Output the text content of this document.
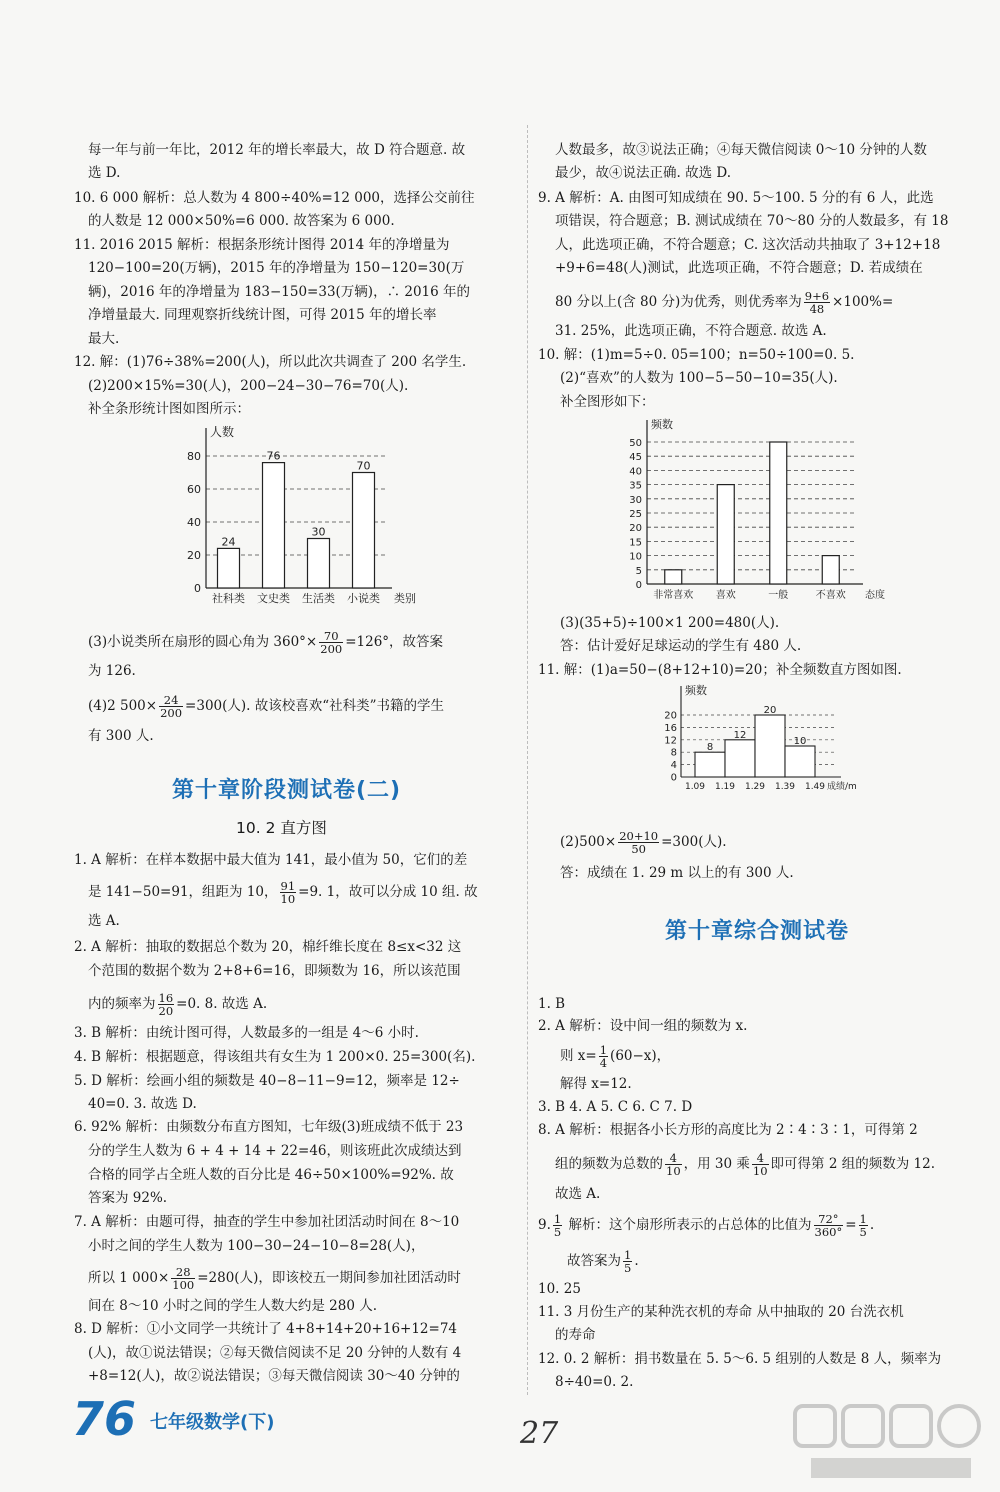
每一年与前一年比，2012 年的增长率最大，故 D 符合题意. 故
选 D.
10. 6 000 解析：总人数为 4 800÷40%=12 000，选择公交前往
的人数是 12 000×50%=6 000. 故答案为 6 000.
11. 2016 2015 解析：根据条形统计图得 2014 年的净增量为
120−100=20(万辆)，2015 年的净增量为 150−120=30(万
辆)，2016 年的净增量为 183−150=33(万辆)，∴ 2016 年的
净增量最大. 同理观察折线统计图，可得 2015 年的增长率
最大.
12. 解：(1)76÷38%=200(人)，所以此次共调查了 200 名学生.
(2)200×15%=30(人)，200−24−30−76=70(人).
补全条形统计图如图所示：
0
20
40
60
80
人数
24
社科类
76
文史类
30
生活类
70
小说类 类别
(3)小说类所在扇形的圆心角为 $360^\circ\times \frac{70}{200} =126^\circ$，故答案
为 126.
(4)2 $500\times \frac{24}{200} =300$(人). 故该校喜欢“社科类”书籍的学生
有 300 人.
第十章阶段测试卷(二)
10. 2 直方图
1. A 解析：在样本数据中最大值为 141，最小值为 50，它们的差
是 141−50=91，组距为 10， $\frac{91}{10} =9$. 1，故可以分成 10 组. 故
选 A.
2. A 解析：抽取的数据总个数为 20，棉纤维长度在 8≤x<32 这
个范围的数据个数为 2+8+6=16，即频数为 16，所以该范围
内的频率为 $\frac{16}{20} =0$. 8. 故选 A.
3. B 解析：由统计图可得，人数最多的一组是 4～6 小时.
4. B 解析：根据题意，得该组共有女生为 1 200×0. 25=300(名).
5. D 解析：绘画小组的频数是 40−8−11−9=12，频率是 12÷
40=0. 3. 故选 D.
6. 92% 解析：由频数分布直方图知，七年级(3)班成绩不低于 23
分的学生人数为 6 + 4 + 14 + 22=46，则该班此次成绩达到
合格的同学占全班人数的百分比是 46÷50×100%=92%. 故
答案为 92%.
7. A 解析：由题可得，抽查的学生中参加社团活动时间在 8～10
小时之间的学生人数为 100−30−24−10−8=28(人)，
所以 1 $000\times \frac{28}{100} =280$(人)，即该校五一期间参加社团活动时
间在 8～10 小时之间的学生人数大约是 280 人.
8. D 解析：①小文同学一共统计了 4+8+14+20+16+12=74
(人)，故①说法错误；②每天微信阅读不足 20 分钟的人数有 4
+8=12(人)，故②说法错误；③每天微信阅读 30～40 分钟的
人数最多，故③说法正确；④每天微信阅读 0～10 分钟的人数
最少，故④说法正确. 故选 D.
9. A 解析：A. 由图可知成绩在 90. 5～100. 5 分的有 6 人，此选
项错误，符合题意；B. 测试成绩在 70～80 分的人数最多，有 18
人，此选项正确，不符合题意；C. 这次活动共抽取了 3+12+18
+9+6=48(人)测试，此选项正确，不符合题意；D. 若成绩在
80 分以上(含 80 分)为优秀，则优秀率为 $\frac{9+6}{48} \times 100\%=$
31. 25%，此选项正确，不符合题意. 故选 A.
10. 解：(1)m=5÷0. 05=100；n=50÷100=0. 5.
(2)“喜欢”的人数为 100−5−50−10=35(人).
补全图形如下：
0
5
10
15
20
25
30
35
40
45
50
频数
非常喜欢 喜欢	一般	不喜欢 态度
(3)(35+5)÷100×1 200=480(人).
答：估计爱好足球运动的学生有 480 人.
11. 解：(1)a=50−(8+12+10)=20；补全频数直方图如图.
0
4
8
12
16
20
频数
8
12
20
10
1.09 1.19 1.29 1.39 1.49 成绩/m
$(2)500\times \frac{20+10}{50} =300$(人).
答：成绩在 1. 29 m 以上的有 300 人.
第十章综合测试卷
1. B
2. A 解析：设中间一组的频数为 x.
则 $x= \frac{1}{4} (60-x)$，
解得 x=12.
3. B 4. A 5. C 6. C 7. D
8. A 解析：根据各小长方形的高度比为 2∶4∶3∶1，可得第 2
组的频数为总数的 $\frac{4}{10}$ ，用 30 乘 $\frac{4}{10}$ 即可得第 2 组的频数为 12.
故选 A.
9. $\frac{1}{5}$ 解析：这个扇形所表示的占总体的比值为 $\frac{72^\circ}{360^\circ} = \frac{1}{5}$ .
故答案为 $\frac{1}{5}$ .
10. 25
11. 3 月份生产的某种洗衣机的寿命 从中抽取的 20 台洗衣机
的寿命
12. 0. 2 解析：捐书数量在 5. 5～6. 5 组别的人数是 8 人，频率为
8÷40=0. 2.
76 七年级数学(下)	27
